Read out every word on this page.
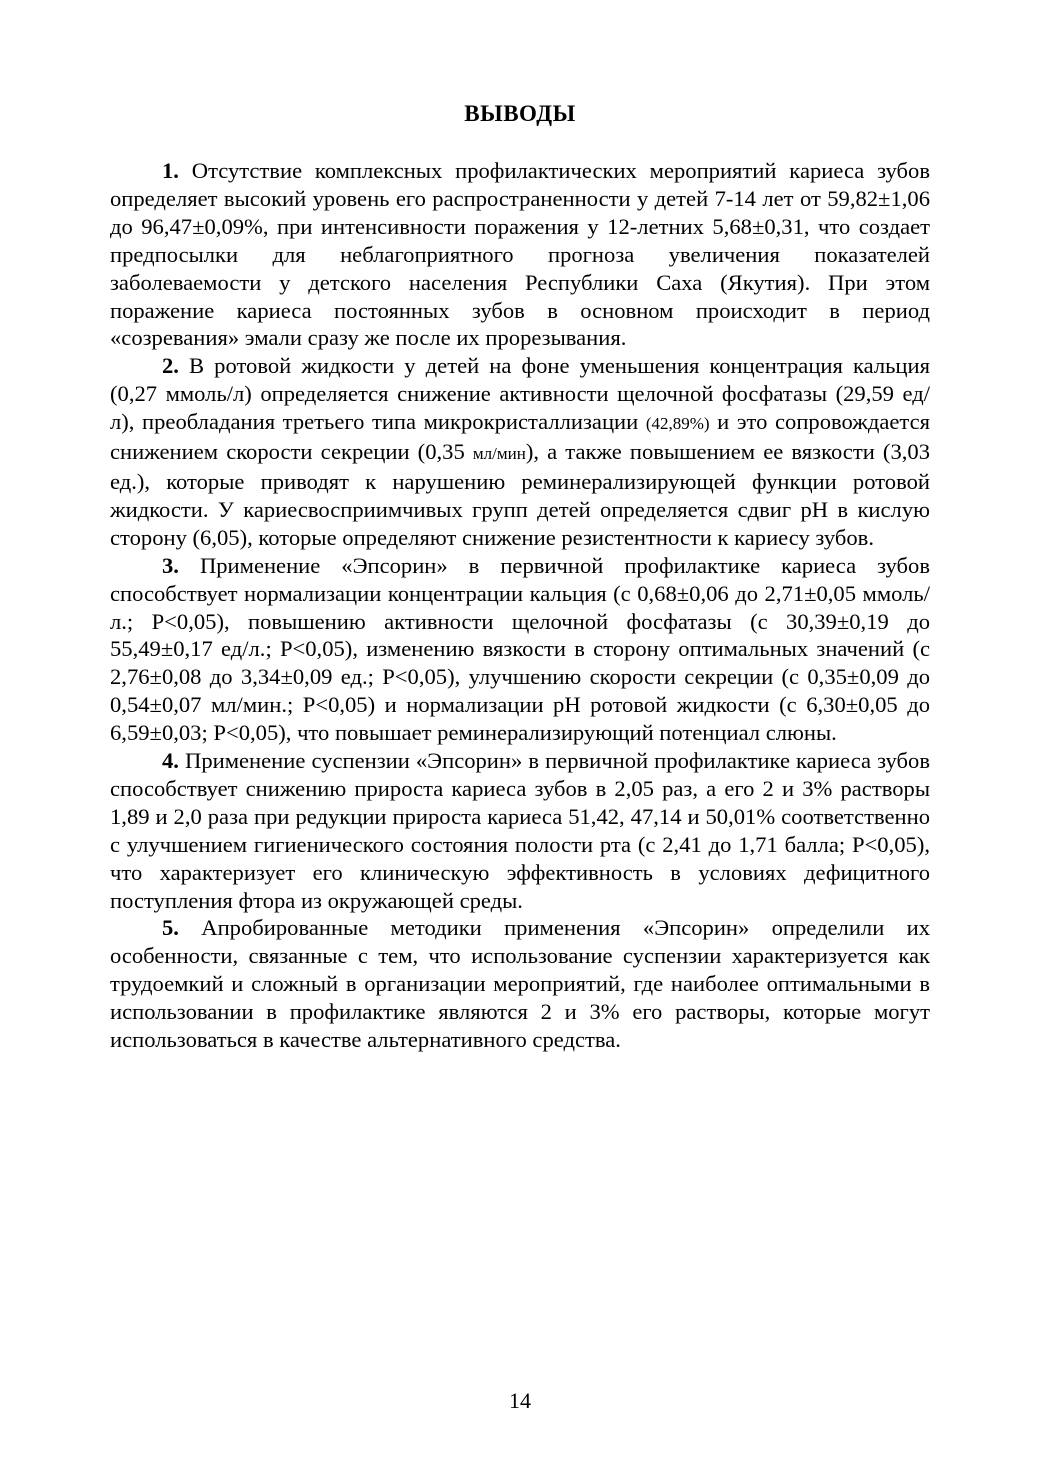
ВЫВОДЫ

1. Отсутствие комплексных профилактических мероприятий кариеса зубов определяет высокий уровень его распространенности у детей 7-14 лет от 59,82±1,06 до 96,47±0,09%, при интенсивности поражения у 12-летних 5,68±0,31, что создает предпосылки для неблагоприятного прогноза увеличения показателей заболеваемости у детского населения Республики Саха (Якутия). При этом поражение кариеса постоянных зубов в основном происходит в период «созревания» эмали сразу же после их прорезывания.

2. В ротовой жидкости у детей на фоне уменьшения концентрация кальция (0,27 ммоль/л) определяется снижение активности щелочной фосфатазы (29,59 ед/л), преобладания третьего типа микрокристаллизации (42,89%) и это сопровождается снижением скорости секреции (0,35 мл/мин), а также повышением ее вязкости (3,03 ед.), которые приводят к нарушению реминерализирующей функции ротовой жидкости. У кариесвосприимчивых групп детей определяется сдвиг pH в кислую сторону (6,05), которые определяют снижение резистентности к кариесу зубов.

3. Применение «Эпсорин» в первичной профилактике кариеса зубов способствует нормализации концентрации кальция (с 0,68±0,06 до 2,71±0,05 ммоль/л.; P<0,05), повышению активности щелочной фосфатазы (с 30,39±0,19 до 55,49±0,17 ед/л.; P<0,05), изменению вязкости в сторону оптимальных значений (с 2,76±0,08 до 3,34±0,09 ед.; P<0,05), улучшению скорости секреции (с 0,35±0,09 до 0,54±0,07 мл/мин.; P<0,05) и нормализации pH ротовой жидкости (с 6,30±0,05 до 6,59±0,03; P<0,05), что повышает реминерализирующий потенциал слюны.

4. Применение суспензии «Эпсорин» в первичной профилактике кариеса зубов способствует снижению прироста кариеса зубов в 2,05 раз, а его 2 и 3% растворы 1,89 и 2,0 раза при редукции прироста кариеса 51,42, 47,14 и 50,01% соответственно с улучшением гигиенического состояния полости рта (с 2,41 до 1,71 балла; P<0,05), что характеризует его клиническую эффективность в условиях дефицитного поступления фтора из окружающей среды.

5. Апробированные методики применения «Эпсорин» определили их особенности, связанные с тем, что использование суспензии характеризуется как трудоемкий и сложный в организации мероприятий, где наиболее оптимальными в использовании в профилактике являются 2 и 3% его растворы, которые могут использоваться в качестве альтернативного средства.

14
